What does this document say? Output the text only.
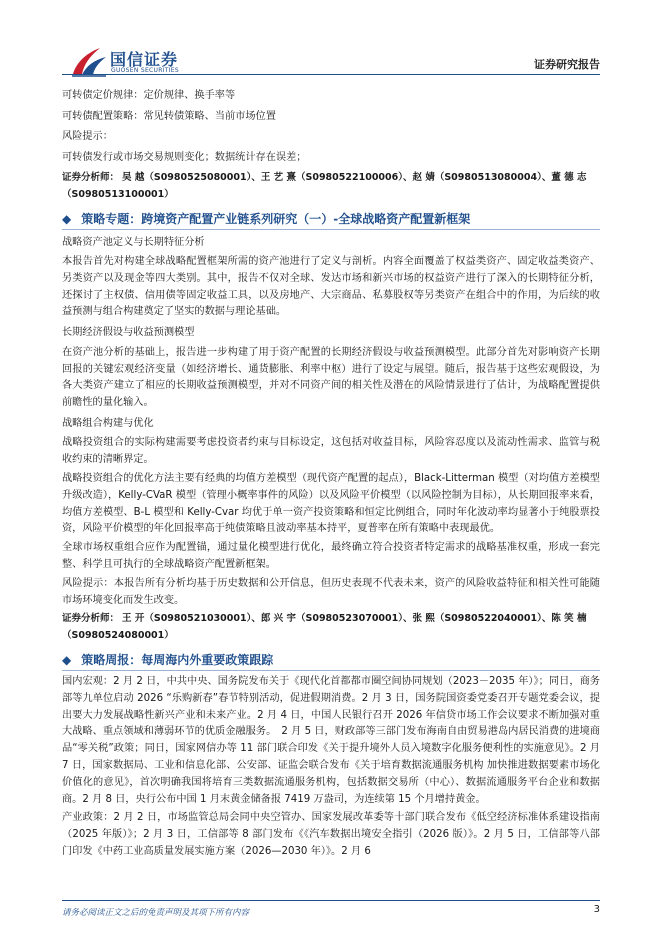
国信证券
GUOSEN SECURITIES	证券研究报告
可转债定价规律：定价规律、换手率等
可转债配置策略：常见转债策略、当前市场位置
风险提示：
可转债发行或市场交易规则变化；数据统计存在误差；
证券分析师： 吴 越（S0980525080001）、王 艺 熹（S0980522100006）、赵 婧（S0980513080004）、董 德 志（S0980513100001）
◆ 策略专题：跨境资产配置产业链系列研究（一）-全球战略资产配置新框架
战略资产池定义与长期特征分析
本报告首先对构建全球战略配置框架所需的资产池进行了定义与剖析。内容全面覆盖了权益类资产、固定收益类资产、另类资产以及现金等四大类别。其中，报告不仅对全球、发达市场和新兴市场的权益资产进行了深入的长期特征分析，还探讨了主权债、信用债等固定收益工具，以及房地产、大宗商品、私募股权等另类资产在组合中的作用，为后续的收益预测与组合构建奠定了坚实的数据与理论基础。
长期经济假设与收益预测模型
在资产池分析的基础上，报告进一步构建了用于资产配置的长期经济假设与收益预测模型。此部分首先对影响资产长期回报的关键宏观经济变量（如经济增长、通货膨胀、利率中枢）进行了设定与展望。随后，报告基于这些宏观假设，为各大类资产建立了相应的长期收益预测模型，并对不同资产间的相关性及潜在的风险情景进行了估计，为战略配置提供前瞻性的量化输入。
战略组合构建与优化
战略投资组合的实际构建需要考虑投资者约束与目标设定，这包括对收益目标，风险容忍度以及流动性需求、监管与税收约束的清晰界定。
战略投资组合的优化方法主要有经典的均值方差模型（现代资产配置的起点），Black-Litterman 模型（对均值方差模型升级改造），Kelly-CVaR 模型（管理小概率事件的风险）以及风险平价模型（以风险控制为目标），从长期回报率来看，均值方差模型、B-L 模型和 Kelly-Cvar 均优于单一资产投资策略和恒定比例组合，同时年化波动率均显著小于纯股票投资，风险平价模型的年化回报率高于纯债策略且波动率基本持平，夏普率在所有策略中表现最优。
全球市场权重组合应作为配置锚，通过量化模型进行优化，最终确立符合投资者特定需求的战略基准权重，形成一套完整、科学且可执行的全球战略资产配置新框架。
风险提示：本报告所有分析均基于历史数据和公开信息，但历史表现不代表未来，资产的风险收益特征和相关性可能随市场环境变化而发生改变。
证券分析师： 王 开（S0980521030001）、郎 兴 宇（S0980523070001）、张 熙（S0980522040001）、陈 笑 楠（S0980524080001）
◆ 策略周报：每周海内外重要政策跟踪
国内宏观：2 月 2 日，中共中央、国务院发布关于《现代化首都都市圈空间协同规划（2023－2035 年）》；同日，商务部等九单位启动 2026 “乐购新春”春节特别活动，促进假期消费。2 月 3 日，国务院国资委党委召开专题党委会议，提出要大力发展战略性新兴产业和未来产业。2 月 4 日，中国人民银行召开 2026 年信贷市场工作会议要求不断加强对重大战略、重点领域和薄弱环节的优质金融服务。　2 月 5 日，财政部等三部门发布海南自由贸易港岛内居民消费的进境商品“零关税”政策；同日，国家网信办等 11 部门联合印发《关于提升境外人员入境数字化服务便利性的实施意见》。2 月 7 日，国家数据局、工业和信息化部、公安部、证监会联合发布《关于培育数据流通服务机构 加快推进数据要素市场化价值化的意见》，首次明确我国将培育三类数据流通服务机构，包括数据交易所（中心）、数据流通服务平台企业和数据商。2 月 8 日，央行公布中国 1 月末黄金储备报 7419 万盎司，为连续第 15 个月增持黄金。
产业政策：2 月 2 日，市场监管总局会同中央空管办、国家发展改革委等十部门联合发布《低空经济标准体系建设指南（2025 年版）》；2 月 3 日，工信部等 8 部门发布《《汽车数据出境安全指引（2026 版）》。2 月 5 日，工信部等八部门印发《中药工业高质量发展实施方案（2026—2030 年）》。2 月 6
请务必阅读正文之后的免责声明及其项下所有内容	3
